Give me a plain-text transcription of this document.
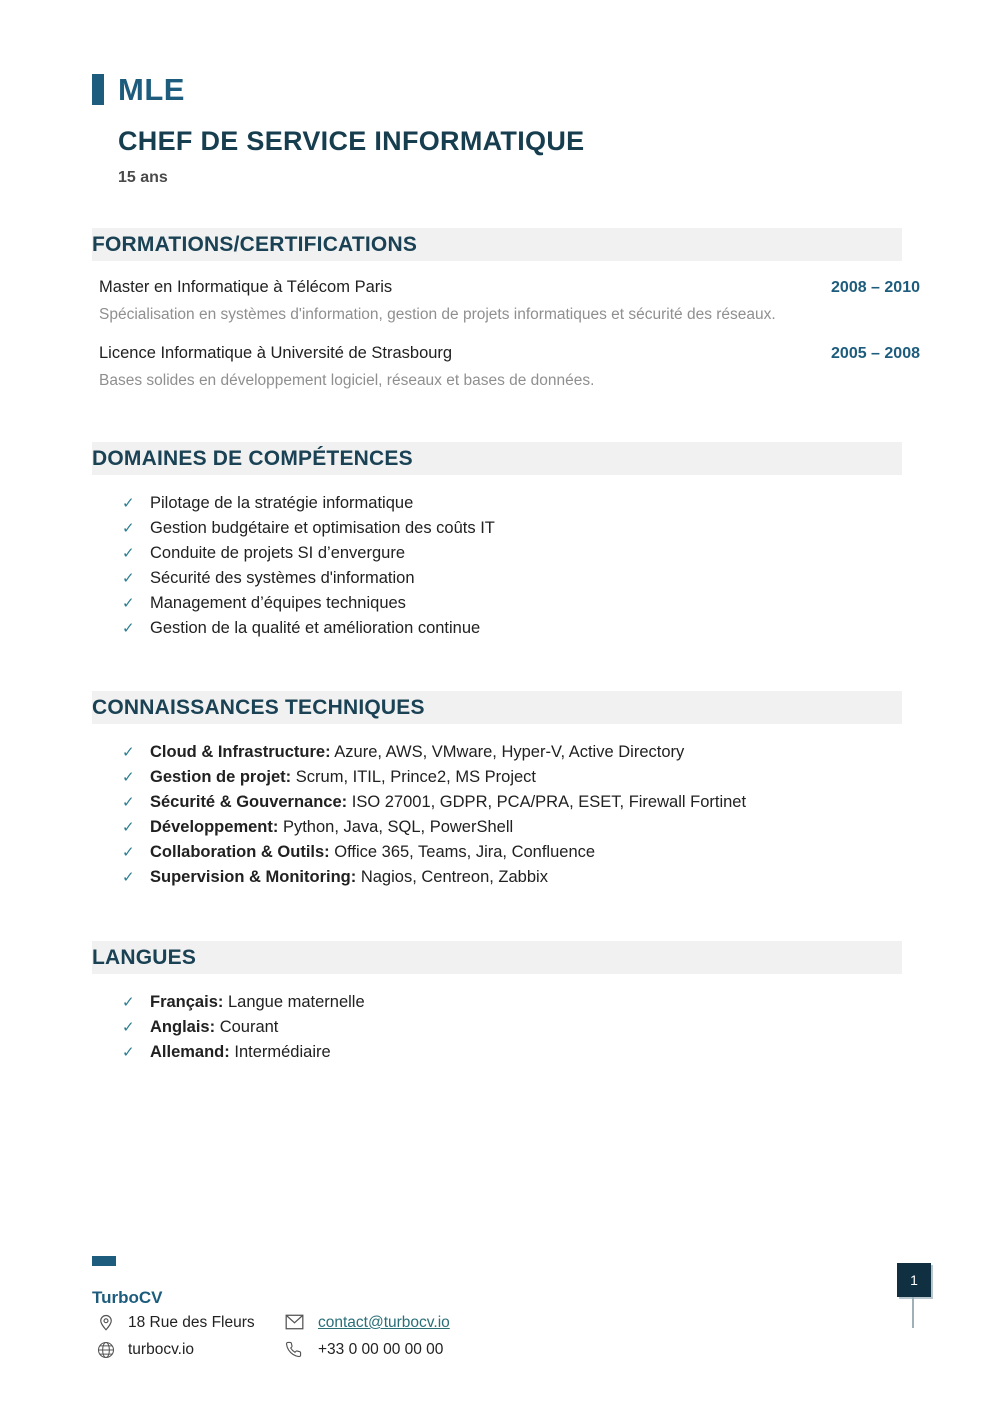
MLE
CHEF DE SERVICE INFORMATIQUE
15 ans
FORMATIONS/CERTIFICATIONS
Master en Informatique à Télécom Paris	2008 – 2010

Spécialisation en systèmes d'information, gestion de projets informatiques et sécurité des réseaux.

Licence Informatique à Université de Strasbourg	2005 – 2008

Bases solides en développement logiciel, réseaux et bases de données.

DOMAINES DE COMPÉTENCES
✓ Pilotage de la stratégie informatique
✓ Gestion budgétaire et optimisation des coûts IT
✓ Conduite de projets SI d’envergure
✓ Sécurité des systèmes d'information
✓ Management d’équipes techniques
✓ Gestion de la qualité et amélioration continue
CONNAISSANCES TECHNIQUES
✓ Cloud & Infrastructure: Azure, AWS, VMware, Hyper-V, Active Directory
✓ Gestion de projet: Scrum, ITIL, Prince2, MS Project
✓ Sécurité & Gouvernance: ISO 27001, GDPR, PCA/PRA, ESET, Firewall Fortinet
✓ Développement: Python, Java, SQL, PowerShell
✓ Collaboration & Outils: Office 365, Teams, Jira, Confluence
✓ Supervision & Monitoring: Nagios, Centreon, Zabbix
LANGUES
✓ Français: Langue maternelle
✓ Anglais: Courant
✓ Allemand: Intermédiaire
TurboCV
18 Rue des Fleurs	contact@turbocv.io
turbocv.io	+33 0 00 00 00 00
1
